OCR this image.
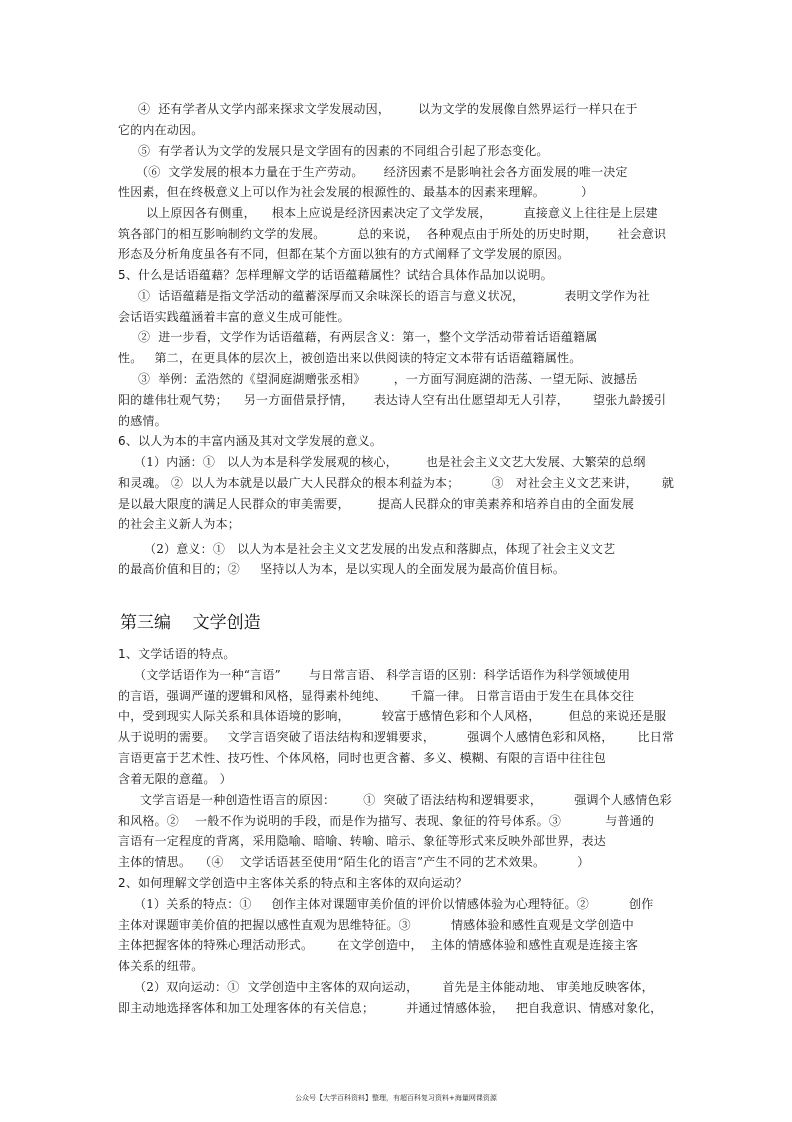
④  还有学者从文学内部来探求文学发展动因，       以为文学的发展像自然界运行一样只在于
它的内在动因。
⑤  有学者认为文学的发展只是文学固有的因素的不同组合引起了形态变化。
（⑥  文学发展的根本力量在于生产劳动。     经济因素不是影响社会各方面发展的唯一决定
性因素，但在终极意义上可以作为社会发展的根源性的、最基本的因素来理解。         ）
以上原因各有侧重，    根本上应说是经济因素决定了文学发展，        直接意义上往往是上层建
筑各部门的相互影响制约文学的发展。        总的来说，  各种观点由于所处的历史时期，     社会意识
形态及分析角度虽各有不同，但都在某个方面以独有的方式阐释了文学发展的原因。
5、什么是话语蕴藉？怎样理解文学的话语蕴藉属性？试结合具体作品加以说明。
①  话语蕴藉是指文学活动的蕴蓄深厚而又余味深长的语言与意义状况，          表明文学作为社
会话语实践蕴涵着丰富的意义生成可能性。
②  进一步看，文学作为话语蕴藉，有两层含义：第一，整个文学活动带着话语蕴籍属
性。   第二，在更具体的层次上，被创造出来以供阅读的特定文本带有话语蕴籍属性。
③  举例：孟浩然的《望洞庭湖赠张丞相》       ，一方面写洞庭湖的浩荡、一望无际、波撼岳
阳的雄伟壮观气势；    另一方面借景抒情，     表达诗人空有出仕愿望却无人引荐，      望张九龄援引
的感情。
6、以人为本的丰富内涵及其对文学发展的意义。
（1）内涵：①   以人为本是科学发展观的核心，       也是社会主义文艺大发展、大繁荣的总纲
和灵魂。 ②  以人为本就是以最广大人民群众的根本利益为本；        ③   对社会主义文艺来讲，      就
是以最大限度的满足人民群众的审美需要，       提高人民群众的审美素养和培养自由的全面发展
的社会主义新人为本；
（2）意义：①   以人为本是社会主义文艺发展的出发点和落脚点，体现了社会主义文艺
的最高价值和目的；②     坚持以人为本，是以实现人的全面发展为最高价值目标。
第三编    文学创造
1、文学话语的特点。
（文学话语作为一种“言语”       与日常言语、 科学言语的区别：科学话语作为科学领域使用
的言语，强调严谨的逻辑和风格，显得素朴纯纯、      千篇一律。 日常言语由于发生在具体交往
中，受到现实人际关系和具体语境的影响，        较富于感情色彩和个人风格，       但总的来说还是服
从于说明的需要。   文学言语突破了语法结构和逻辑要求，        强调个人感情色彩和风格，      比日常
言语更富于艺术性、技巧性、个体风格，同时也更含蓄、多义、模糊、有限的言语中往往包
含着无限的意蕴。 ）
文学言语是一种创造性语言的原因：       ①  突破了语法结构和逻辑要求，        强调个人感情色彩
和风格。②    一般不作为说明的手段，而是作为描写、表现、象征的符号体系。③           与普通的
言语有一定程度的背离，采用隐喻、暗喻、转喻、暗示、象征等形式来反映外部世界，表达
主体的情思。  （④    文学话语甚至使用“陌生化的语言”产生不同的艺术效果。        ）
2、如何理解文学创造中主客体关系的特点和主客体的双向运动？
（1）关系的特点：①     创作主体对课题审美价值的评价以情感体验为心理特征。②          创作
主体对课题审美价值的把握以感性直观为思维特征。③          情感体验和感性直观是文学创造中
主体把握客体的特殊心理活动形式。      在文学创造中，  主体的情感体验和感性直观是连接主客
体关系的纽带。
（2）双向运动：①  文学创造中主客体的双向运动，      首先是主体能动地、 审美地反映客体，
即主动地选择客体和加工处理客体的有关信息；        并通过情感体验，   把自我意识、情感对象化，
公众号【大学百科资料】整理，有超百科复习资料+海量网课资源
